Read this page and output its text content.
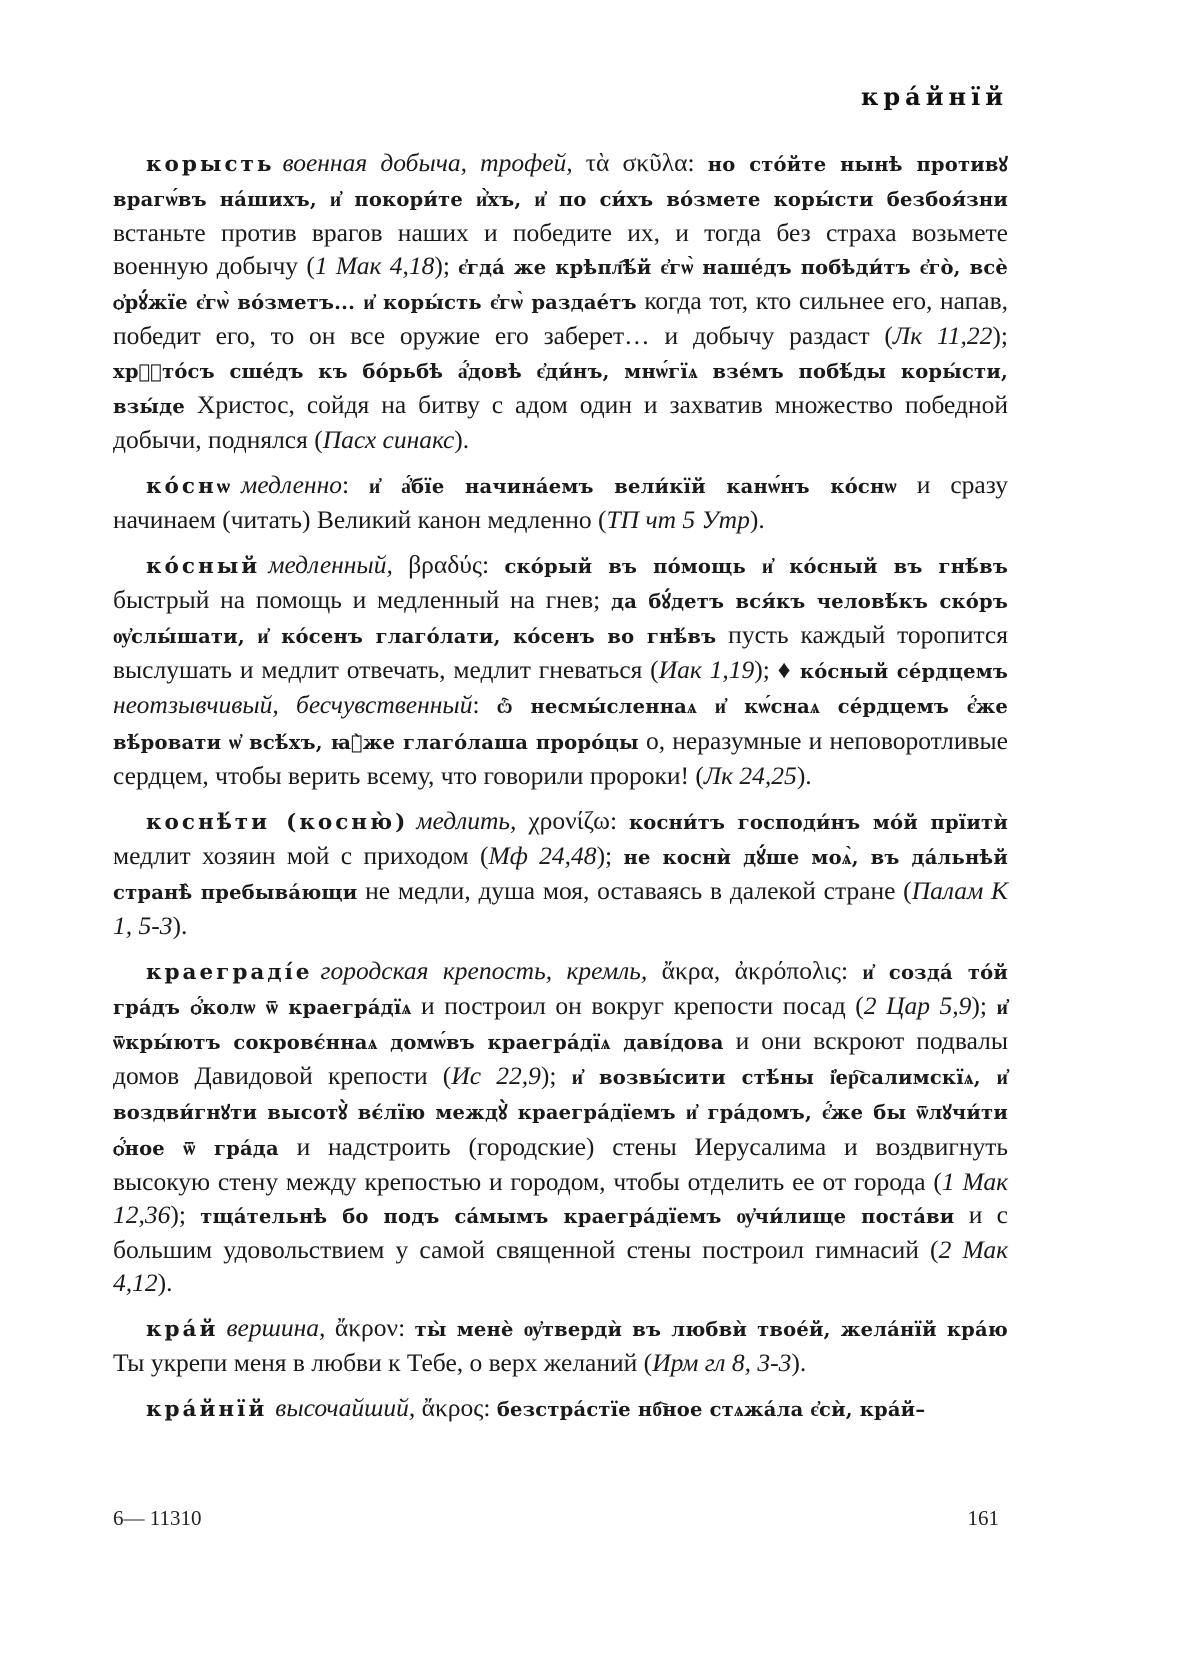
крáйнїй

корысть военная добыча, трофей, τὰ σκῦλα: но стóйте нынѣ противꙋ врагѡ́въ нáшихъ, и҆ покори́те и҆̀хъ, и҆ по си́хъ вóзмете коры́сти безбоя́зни встаньте против врагов наших и победите их, и тогда без страха возьмете военную добычу (1 Мак 4,18); є҆гдá же крѣпл҄ѣ́й є҆гѡ̀ нашéдъ побѣди́тъ є҆гò, всѐ ѻ҆рꙋ́жїе є҆гѡ̀ вóзметъ... и҆ коры́сть є҆гѡ̀ раздаéтъ когда тот, кто сильнее его, напав, победит его, то он все оружие его заберет… и добычу раздаст (Лк 11,22); хрⷭ҇тóсъ сшéдъ къ бóрьбѣ а҆́довѣ є҆ди́нъ, мнѡ́гїѧ взéмъ побѣ́ды коры́сти, взы́де Христос, сойдя на битву с адом один и захватив множество победной добычи, поднялся (Пасх синакс).

кóснѡ медленно: и҆ а҆́бїе начинáемъ вели́кїй канѡ́нъ кóснѡ и сразу начинаем (читать) Великий канон медленно (ТП чт 5 Утр).

кóсный медленный, βραδύς: скóрый въ пóмощь и҆ кóсный въ гнѣ́въ быстрый на помощь и медленный на гнев; да бꙋ́детъ вся́къ человѣ́къ скóръ ѹ҆слы́шати, и҆ кóсенъ глагóлати, кóсенъ во гнѣ́въ пусть каждый торопится выслушать и медлит отвечать, медлит гневаться (Иак 1,19); ♦ кóсный сéрдцемъ неотзывчивый, бесчувственный: ѽ несмы́сленнаѧ и҆ кѡ́снаѧ сéрдцемъ є҆́же вѣ́ровати ѡ҆ всѣ́хъ, ꙗ҆̀же глагóлаша прорóцы о, неразумные и неповоротливые сердцем, чтобы верить всему, что говорили пророки! (Лк 24,25).

коснѣ́ти (косню̀) медлить, χρονίζω: косни́тъ господи́нъ мóй прїитѝ медлит хозяин мой с приходом (Мф 24,48); не коснѝ дꙋ́ше моѧ̀, въ дáльнѣй странѣ̀ пребывáющи не медли, душа моя, оставаясь в далекой стране (Палам К 1, 5-3).

краеградíе городская крепость, кремль, ἄκρα, ἀκρόπολις: и҆ создá тóй грáдъ ѻ҆́колѡ ѿ краегрáдїѧ и построил он вокруг крепости посад (2 Цар 5,9); и҆ ѿкры́ютъ сокровє́ннаѧ домѡ́въ краегрáдїѧ давíдова и они вскроют подвалы домов Давидовой крепости (Ис 22,9); и҆ возвы́сити стѣ́ны і҆ер҇салимскїѧ, и҆ воздви́гнꙋти высотꙋ̀ вє́лїю междꙋ̀ краегрáдїемъ и҆ грáдомъ, є҆́же бы ѿлꙋчи́ти ѻ҆́ное ѿ грáда и надстроить (городские) стены Иерусалима и воздвигнуть высокую стену между крепостью и городом, чтобы отделить ее от города (1 Мак 12,36); тщáтельнѣ бо подъ сáмымъ краегрáдїемъ ѹ҆чи́лище постáви и с большим удовольствием у самой священной стены построил гимнасий (2 Мак 4,12).

крáй вершина, ἄκρον: ты̀ менѐ ѹ҆твердѝ въ любвѝ твоéй, желáнїй крáю Ты укрепи меня в любви к Тебе, о верх желаний (Ирм гл 8, 3-3).

крáйнїй высочайший, ἄκρος: безстрáстїе нб҇ное стѧжáла є҆сѝ, крáй–

6— 11310	161
